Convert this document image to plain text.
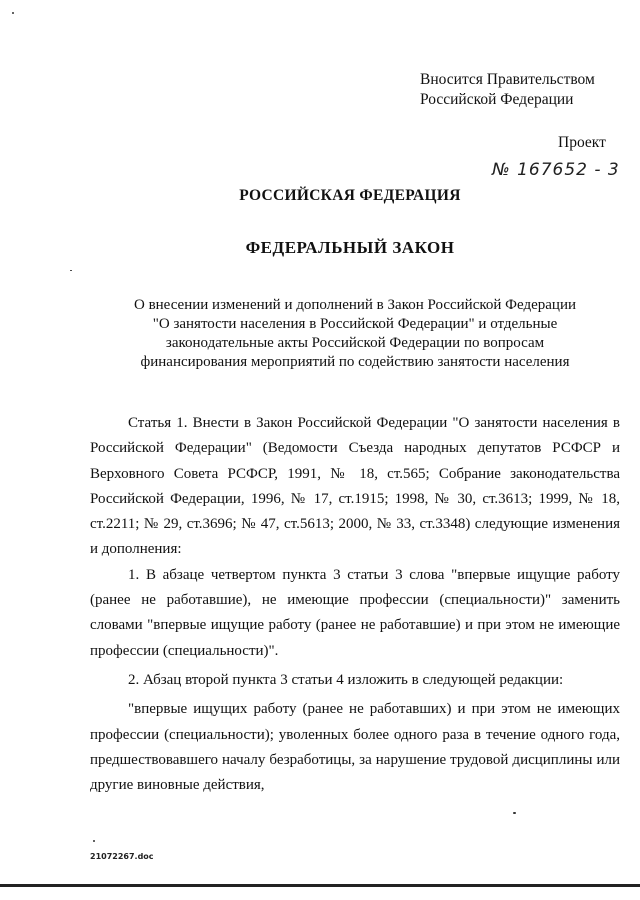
Вносится Правительством
Российской Федерации
Проект
№ 167652 - 3
РОССИЙСКАЯ ФЕДЕРАЦИЯ
ФЕДЕРАЛЬНЫЙ ЗАКОН
О внесении изменений и дополнений в Закон Российской Федерации
"О занятости населения в Российской Федерации" и отдельные
законодательные акты Российской Федерации по вопросам
финансирования мероприятий по содействию занятости населения

Статья 1. Внести в Закон Российской Федерации "О занятости населения в Российской Федерации" (Ведомости Съезда народных депутатов РСФСР и Верховного Совета РСФСР, 1991, № 18, ст.565; Собрание законодательства Российской Федерации, 1996, № 17, ст.1915; 1998, № 30, ст.3613; 1999, № 18, ст.2211; № 29, ст.3696; № 47, ст.5613; 2000, № 33, ст.3348) следующие изменения и дополнения:

1. В абзаце четвертом пункта 3 статьи 3 слова "впервые ищущие работу (ранее не работавшие), не имеющие профессии (специальности)" заменить словами "впервые ищущие работу (ранее не работавшие) и при этом не имеющие профессии (специальности)".

2. Абзац второй пункта 3 статьи 4 изложить в следующей редакции:

"впервые ищущих работу (ранее не работавших) и при этом не имеющих профессии (специальности); уволенных более одного раза в течение одного года, предшествовавшего началу безработицы, за нарушение трудовой дисциплины или другие виновные действия,

21072267.doc
